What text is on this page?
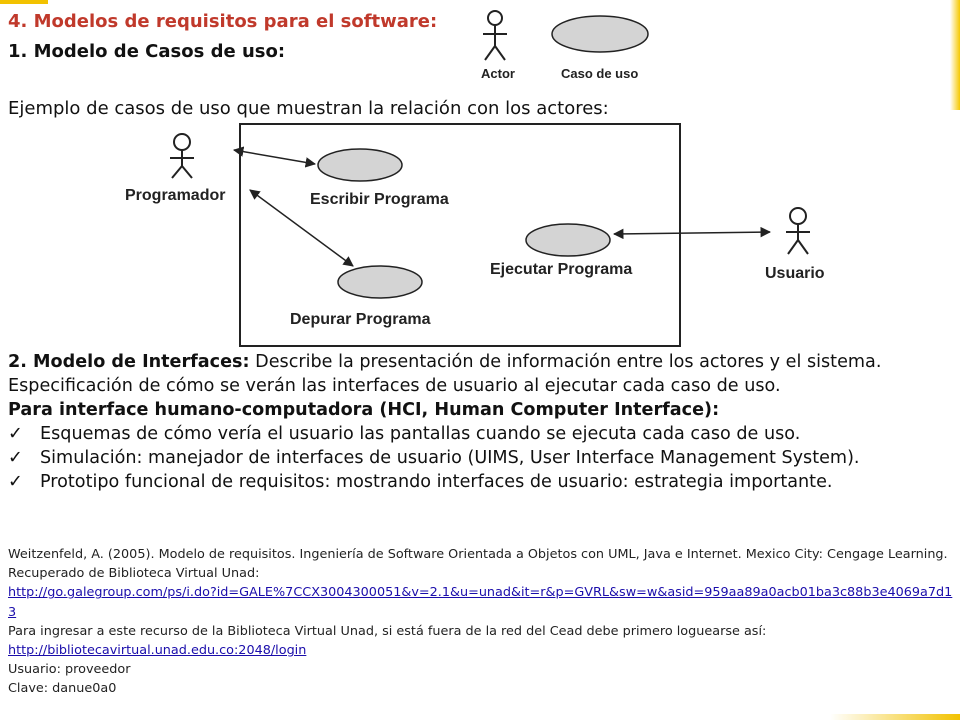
4. Modelos de requisitos para el software:
1. Modelo de Casos de uso:
Actor	Caso de uso
Ejemplo de casos de uso que muestran la relación con los actores:
Programador
Usuario
Escribir Programa
Ejecutar Programa
Depurar Programa

2. Modelo de Interfaces: Describe la presentación de información entre los actores y el sistema.

Especificación de cómo se verán las interfaces de usuario al ejecutar cada caso de uso.

Para interface humano-computadora (HCI, Human Computer Interface):

✓ Esquemas de cómo vería el usuario las pantallas cuando se ejecuta cada caso de uso.

✓ Simulación: manejador de interfaces de usuario (UIMS, User Interface Management System).

✓ Prototipo funcional de requisitos: mostrando interfaces de usuario: estrategia importante.

Weitzenfeld, A. (2005). Modelo de requisitos. Ingeniería de Software Orientada a Objetos con UML, Java e Internet. Mexico City: Cengage Learning. Recuperado de Biblioteca Virtual Unad:

http://go.galegroup.com/ps/i.do?id=GALE%7CCX3004300051&v=2.1&u=unad&it=r&p=GVRL&sw=w&asid=959aa89a0acb01ba3c88b3e4069a7d13

Para ingresar a este recurso de la Biblioteca Virtual Unad, si está fuera de la red del Cead debe primero loguearse así:

http://bibliotecavirtual.unad.edu.co:2048/login

Usuario: proveedor

Clave: danue0a0
